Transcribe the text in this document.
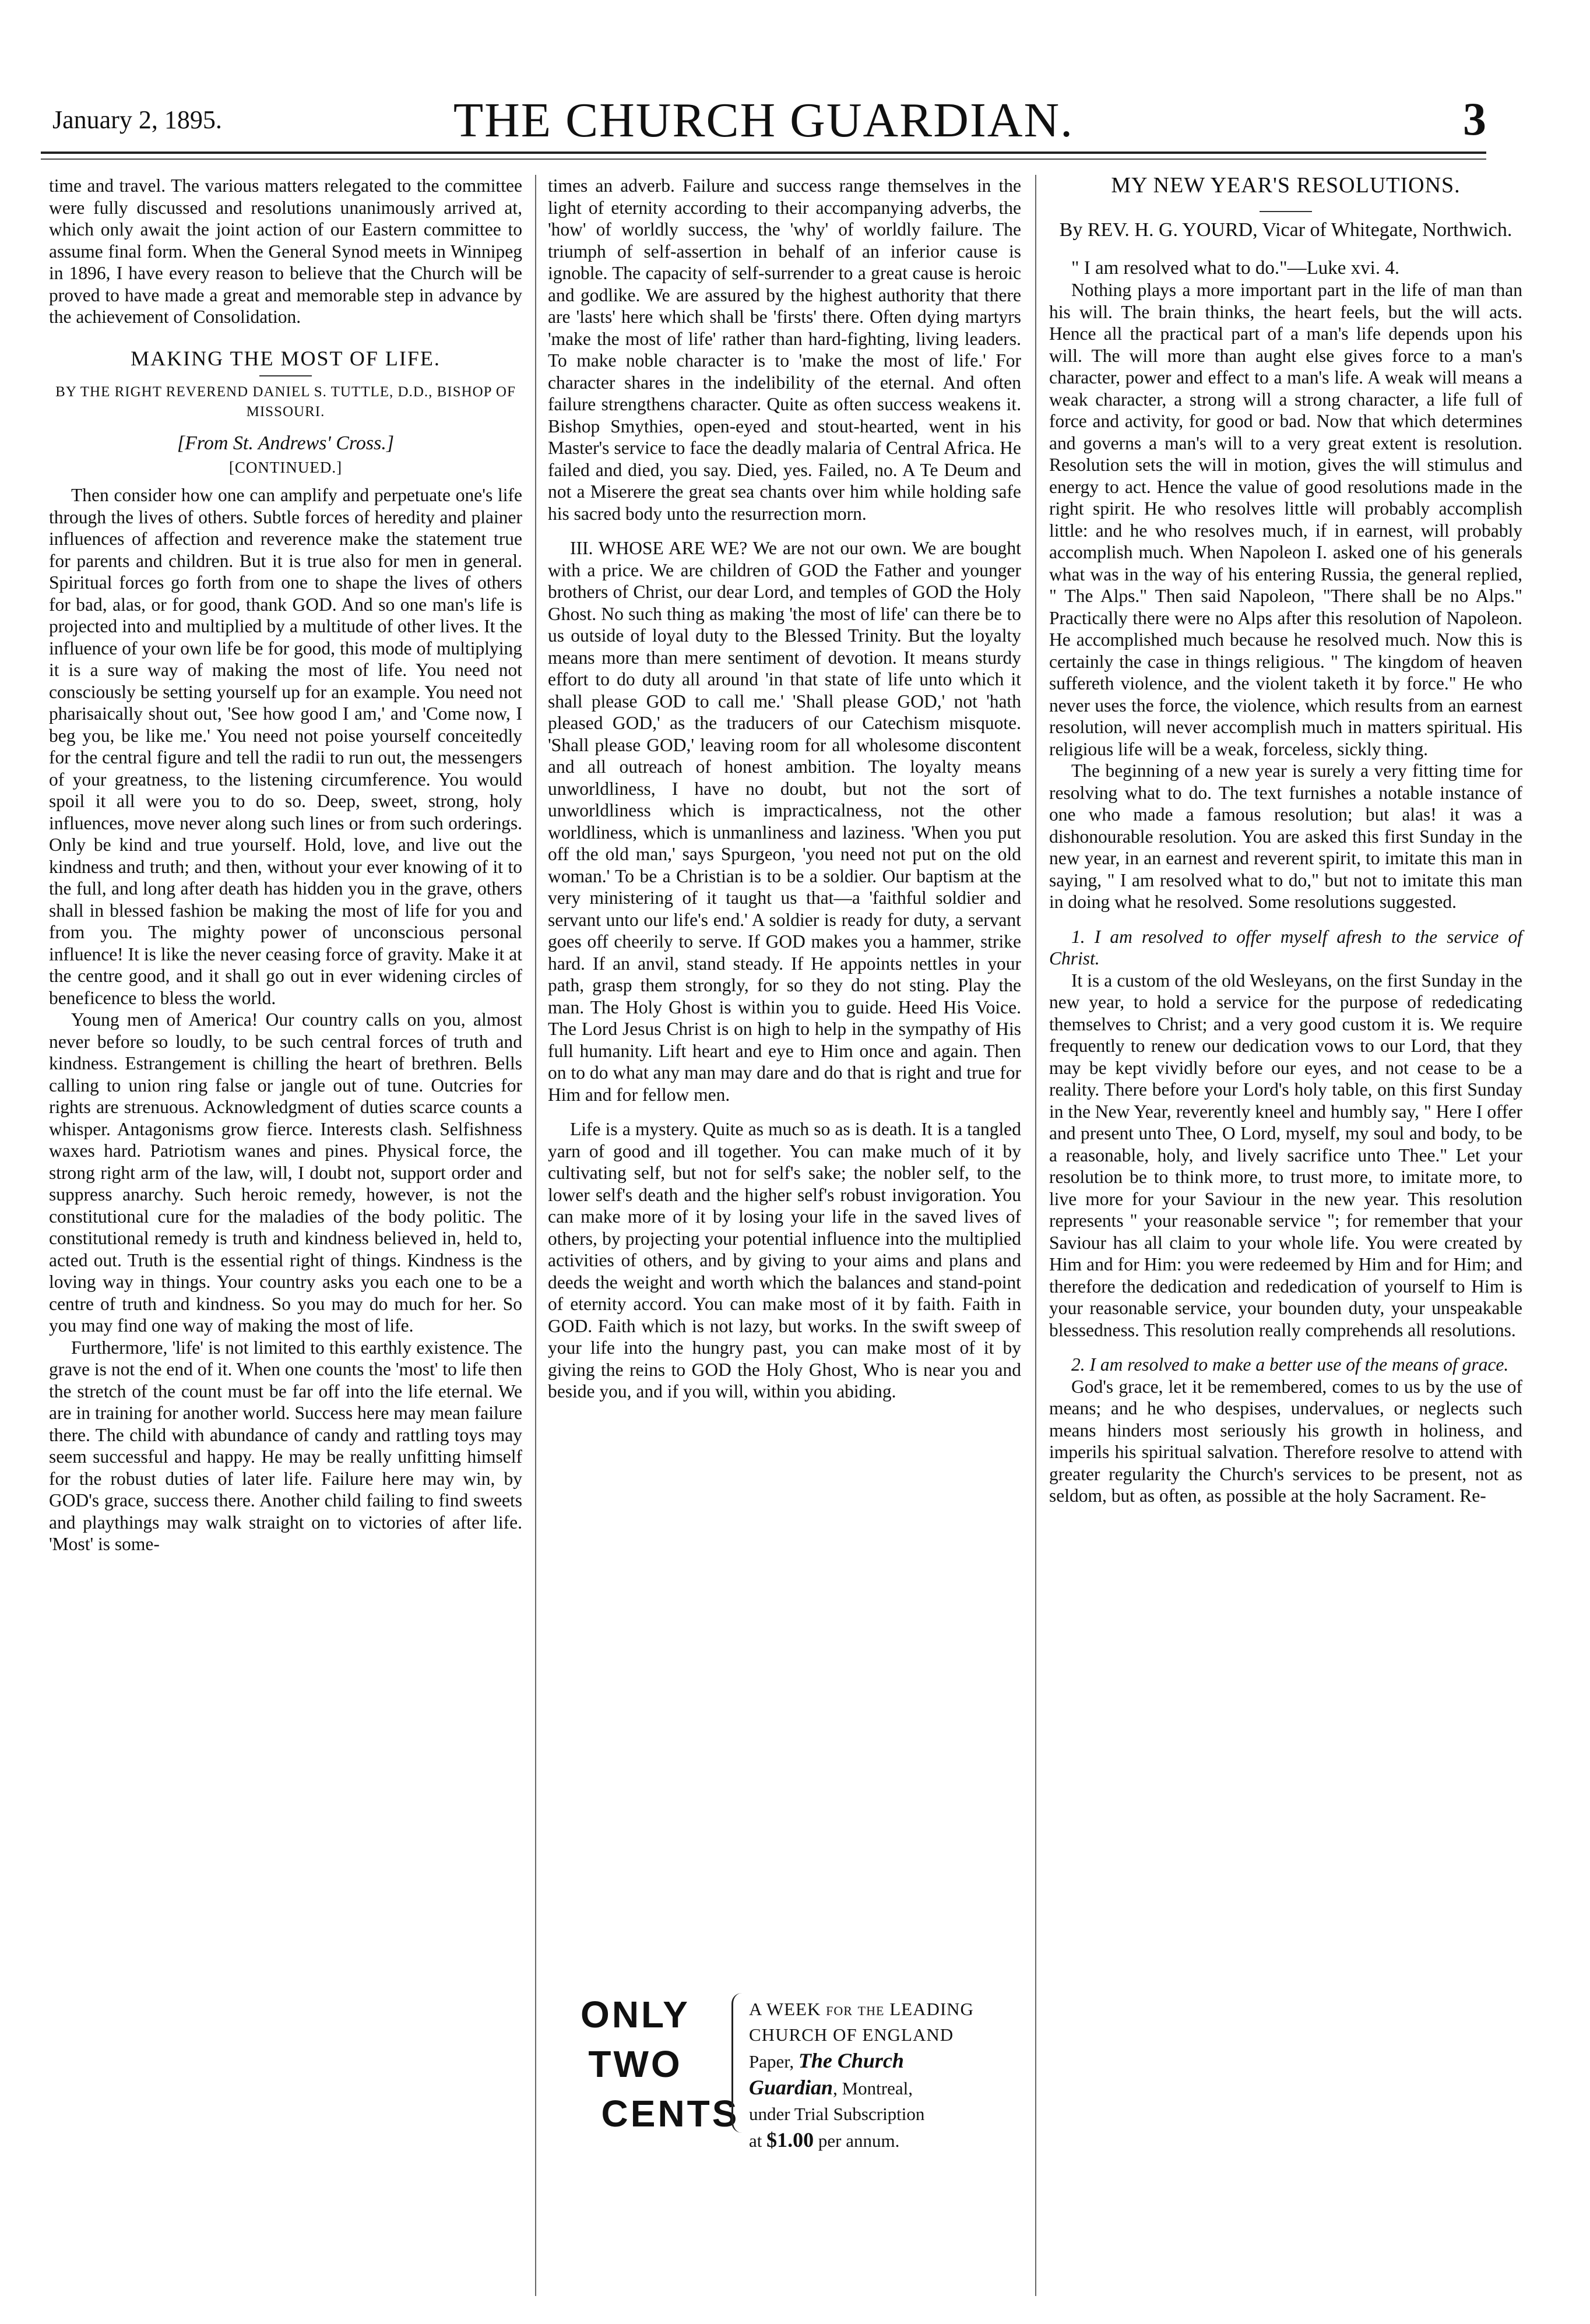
January 2, 1895.	THE CHURCH GUARDIAN.	3

time and travel. The various matters relegated to the committee were fully discussed and resolutions unanimously arrived at, which only await the joint action of our Eastern committee to assume final form. When the General Synod meets in Winnipeg in 1896, I have every reason to believe that the Church will be proved to have made a great and memorable step in advance by the achievement of Consolidation.

MAKING THE MOST OF LIFE.
BY THE RIGHT REVEREND DANIEL S. TUTTLE, D.D., BISHOP OF MISSOURI.
[From St. Andrews' Cross.]
[CONTINUED.]

Then consider how one can amplify and perpetuate one's life through the lives of others. Subtle forces of heredity and plainer influences of affection and reverence make the statement true for parents and children. But it is true also for men in general. Spiritual forces go forth from one to shape the lives of others for bad, alas, or for good, thank GOD. And so one man's life is projected into and multiplied by a multitude of other lives. It the influence of your own life be for good, this mode of multiplying it is a sure way of making the most of life. You need not consciously be setting yourself up for an example. You need not pharisaically shout out, 'See how good I am,' and 'Come now, I beg you, be like me.' You need not poise yourself conceitedly for the central figure and tell the radii to run out, the messengers of your greatness, to the listening circumference. You would spoil it all were you to do so. Deep, sweet, strong, holy influences, move never along such lines or from such orderings. Only be kind and true yourself. Hold, love, and live out the kindness and truth; and then, without your ever knowing of it to the full, and long after death has hidden you in the grave, others shall in blessed fashion be making the most of life for you and from you. The mighty power of unconscious personal influence! It is like the never ceasing force of gravity. Make it at the centre good, and it shall go out in ever widening circles of beneficence to bless the world.

Young men of America! Our country calls on you, almost never before so loudly, to be such central forces of truth and kindness. Estrangement is chilling the heart of brethren. Bells calling to union ring false or jangle out of tune. Outcries for rights are strenuous. Acknowledgment of duties scarce counts a whisper. Antagonisms grow fierce. Interests clash. Selfishness waxes hard. Patriotism wanes and pines. Physical force, the strong right arm of the law, will, I doubt not, support order and suppress anarchy. Such heroic remedy, however, is not the constitutional cure for the maladies of the body politic. The constitutional remedy is truth and kindness believed in, held to, acted out. Truth is the essential right of things. Kindness is the loving way in things. Your country asks you each one to be a centre of truth and kindness. So you may do much for her. So you may find one way of making the most of life.

Furthermore, 'life' is not limited to this earthly existence. The grave is not the end of it. When one counts the 'most' to life then the stretch of the count must be far off into the life eternal. We are in training for another world. Success here may mean failure there. The child with abundance of candy and rattling toys may seem successful and happy. He may be really unfitting himself for the robust duties of later life. Failure here may win, by GOD's grace, success there. Another child failing to find sweets and playthings may walk straight on to victories of after life. 'Most' is some-

times an adverb. Failure and success range themselves in the light of eternity according to their accompanying adverbs, the 'how' of worldly success, the 'why' of worldly failure. The triumph of self-assertion in behalf of an inferior cause is ignoble. The capacity of self-surrender to a great cause is heroic and godlike. We are assured by the highest authority that there are 'lasts' here which shall be 'firsts' there. Often dying martyrs 'make the most of life' rather than hard-fighting, living leaders. To make noble character is to 'make the most of life.' For character shares in the indelibility of the eternal. And often failure strengthens character. Quite as often success weakens it. Bishop Smythies, open-eyed and stout-hearted, went in his Master's service to face the deadly malaria of Central Africa. He failed and died, you say. Died, yes. Failed, no. A Te Deum and not a Miserere the great sea chants over him while holding safe his sacred body unto the resurrection morn.

III. WHOSE ARE WE? We are not our own. We are bought with a price. We are children of GOD the Father and younger brothers of Christ, our dear Lord, and temples of GOD the Holy Ghost. No such thing as making 'the most of life' can there be to us outside of loyal duty to the Blessed Trinity. But the loyalty means more than mere sentiment of devotion. It means sturdy effort to do duty all around 'in that state of life unto which it shall please GOD to call me.' 'Shall please GOD,' not 'hath pleased GOD,' as the traducers of our Catechism misquote. 'Shall please GOD,' leaving room for all wholesome discontent and all outreach of honest ambition. The loyalty means unworldliness, I have no doubt, but not the sort of unworldliness which is impracticalness, not the other worldliness, which is unmanliness and laziness. 'When you put off the old man,' says Spurgeon, 'you need not put on the old woman.' To be a Christian is to be a soldier. Our baptism at the very ministering of it taught us that—a 'faithful soldier and servant unto our life's end.' A soldier is ready for duty, a servant goes off cheerily to serve. If GOD makes you a hammer, strike hard. If an anvil, stand steady. If He appoints nettles in your path, grasp them strongly, for so they do not sting. Play the man. The Holy Ghost is within you to guide. Heed His Voice. The Lord Jesus Christ is on high to help in the sympathy of His full humanity. Lift heart and eye to Him once and again. Then on to do what any man may dare and do that is right and true for Him and for fellow men.

Life is a mystery. Quite as much so as is death. It is a tangled yarn of good and ill together. You can make much of it by cultivating self, but not for self's sake; the nobler self, to the lower self's death and the higher self's robust invigoration. You can make more of it by losing your life in the saved lives of others, by projecting your potential influence into the multiplied activities of others, and by giving to your aims and plans and deeds the weight and worth which the balances and stand-point of eternity accord. You can make most of it by faith. Faith in GOD. Faith which is not lazy, but works. In the swift sweep of your life into the hungry past, you can make most of it by giving the reins to GOD the Holy Ghost, Who is near you and beside you, and if you will, within you abiding.

ONLY
TWO
CENTS
A WEEK for the LEADING
CHURCH OF ENGLAND
Paper, The Church
Guardian, Montreal,
under Trial Subscription
at $1.00 per annum.
MY NEW YEAR'S RESOLUTIONS.
By REV. H. G. YOURD, Vicar of Whitegate, Northwich.

" I am resolved what to do."—Luke xvi. 4.

Nothing plays a more important part in the life of man than his will. The brain thinks, the heart feels, but the will acts. Hence all the practical part of a man's life depends upon his will. The will more than aught else gives force to a man's character, power and effect to a man's life. A weak will means a weak character, a strong will a strong character, a life full of force and activity, for good or bad. Now that which determines and governs a man's will to a very great extent is resolution. Resolution sets the will in motion, gives the will stimulus and energy to act. Hence the value of good resolutions made in the right spirit. He who resolves little will probably accomplish little: and he who resolves much, if in earnest, will probably accomplish much. When Napoleon I. asked one of his generals what was in the way of his entering Russia, the general replied, " The Alps." Then said Napoleon, "There shall be no Alps." Practically there were no Alps after this resolution of Napoleon. He accomplished much because he resolved much. Now this is certainly the case in things religious. " The kingdom of heaven suffereth violence, and the violent taketh it by force." He who never uses the force, the violence, which results from an earnest resolution, will never accomplish much in matters spiritual. His religious life will be a weak, forceless, sickly thing.

The beginning of a new year is surely a very fitting time for resolving what to do. The text furnishes a notable instance of one who made a famous resolution; but alas! it was a dishonourable resolution. You are asked this first Sunday in the new year, in an earnest and reverent spirit, to imitate this man in saying, " I am resolved what to do," but not to imitate this man in doing what he resolved. Some resolutions suggested.

1. I am resolved to offer myself afresh to the service of Christ.

It is a custom of the old Wesleyans, on the first Sunday in the new year, to hold a service for the purpose of rededicating themselves to Christ; and a very good custom it is. We require frequently to renew our dedication vows to our Lord, that they may be kept vividly before our eyes, and not cease to be a reality. There before your Lord's holy table, on this first Sunday in the New Year, reverently kneel and humbly say, " Here I offer and present unto Thee, O Lord, myself, my soul and body, to be a reasonable, holy, and lively sacrifice unto Thee." Let your resolution be to think more, to trust more, to imitate more, to live more for your Saviour in the new year. This resolution represents " your reasonable service "; for remember that your Saviour has all claim to your whole life. You were created by Him and for Him: you were redeemed by Him and for Him; and therefore the dedication and rededication of yourself to Him is your reasonable service, your bounden duty, your unspeakable blessedness. This resolution really comprehends all resolutions.

2. I am resolved to make a better use of the means of grace.

God's grace, let it be remembered, comes to us by the use of means; and he who despises, undervalues, or neglects such means hinders most seriously his growth in holiness, and imperils his spiritual salvation. Therefore resolve to attend with greater regularity the Church's services to be present, not as seldom, but as often, as possible at the holy Sacrament. Re-
